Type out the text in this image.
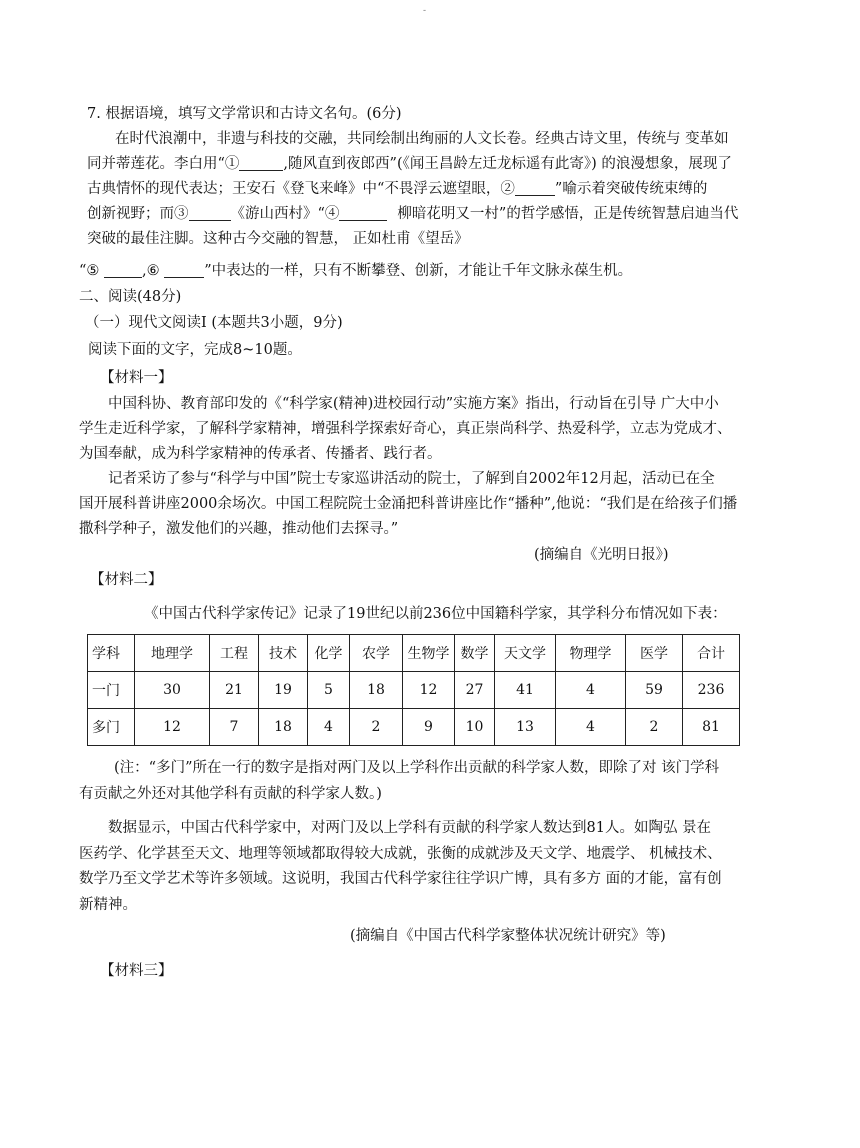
-

7. 根据语境，填写文学常识和古诗文名句。(6分)

在时代浪潮中，非遗与科技的交融，共同绘制出绚丽的人文长卷。经典古诗文里，传统与 变革如

同并蒂莲花。李白用“①	,随风直到夜郎西”(《闻王昌龄左迁龙标遥有此寄》) 的浪漫想象，展现了

古典情怀的现代表达；王安石《登飞来峰》中“不畏浮云遮望眼，②	”喻示着突破传统束缚的

创新视野；而③	《游山西村》“④	柳暗花明又一村”的哲学感悟，正是传统智慧启迪当代

突破的最佳注脚。这种古今交融的智慧， 正如杜甫《望岳》

“⑤	,⑥	”中表达的一样，只有不断攀登、创新，才能让千年文脉永葆生机。

二、阅读(48分)

（一）现代文阅读I (本题共3小题，9分)

阅读下面的文字，完成8~10题。

【材料一】

中国科协、教育部印发的《“科学家(精神)进校园行动”实施方案》指出，行动旨在引导 广大中小

学生走近科学家，了解科学家精神，增强科学探索好奇心，真正崇尚科学、热爱科学，立志为党成才、

为国奉献，成为科学家精神的传承者、传播者、践行者。

记者采访了参与“科学与中国”院士专家巡讲活动的院士，了解到自2002年12月起，活动已在全

国开展科普讲座2000余场次。中国工程院院士金涌把科普讲座比作“播种”,他说：“我们是在给孩子们播

撒科学种子，激发他们的兴趣，推动他们去探寻。”

(摘编自《光明日报》)

【材料二】

《中国古代科学家传记》记录了19世纪以前236位中国籍科学家，其学科分布情况如下表：

学科	地理学	工程	技术	化学	农学	生物学	数学	天文学	物理学	医学	合计
一门	30	21	19	5	18	12	27	41	4	59	236
多门	12	7	18	4	2	9	10	13	4	2	81

(注：“多门”所在一行的数字是指对两门及以上学科作出贡献的科学家人数，即除了对 该门学科

有贡献之外还对其他学科有贡献的科学家人数。)

数据显示，中国古代科学家中，对两门及以上学科有贡献的科学家人数达到81人。如陶弘 景在

医药学、化学甚至天文、地理等领域都取得较大成就，张衡的成就涉及天文学、地震学、 机械技术、

数学乃至文学艺术等许多领域。这说明，我国古代科学家往往学识广博，具有多方 面的才能，富有创

新精神。

(摘编自《中国古代科学家整体状况统计研究》等)

【材料三】
